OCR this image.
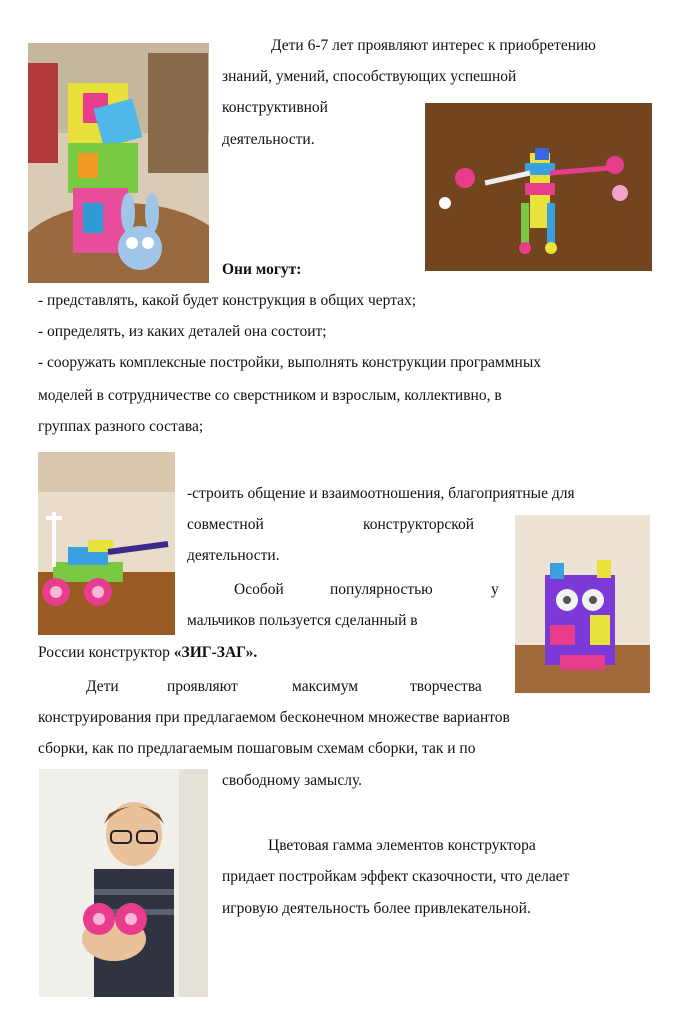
Дети 6-7 лет проявляют интерес к приобретению
знаний, умений, способствующих успешной
конструктивной
деятельности.
Они могут:
- представлять, какой будет конструкция в общих чертах;
- определять, из каких деталей она состоит;
- сооружать комплексные постройки, выполнять конструкции программных
моделей в сотрудничестве со сверстником и взрослым, коллективно, в
группах разного состава;
-строить общение и взаимоотношения, благоприятные для
совместной	конструкторской
деятельности.
Особой	популярностью	у
мальчиков пользуется сделанный в
России конструктор «ЗИГ-ЗАГ».
Дети	проявляют	максимум	творчества
конструирования при предлагаемом бесконечном множестве вариантов
сборки, как по предлагаемым пошаговым схемам сборки, так и по
свободному замыслу.
Цветовая гамма элементов конструктора
придает постройкам эффект сказочности, что делает
игровую деятельность более привлекательной.
